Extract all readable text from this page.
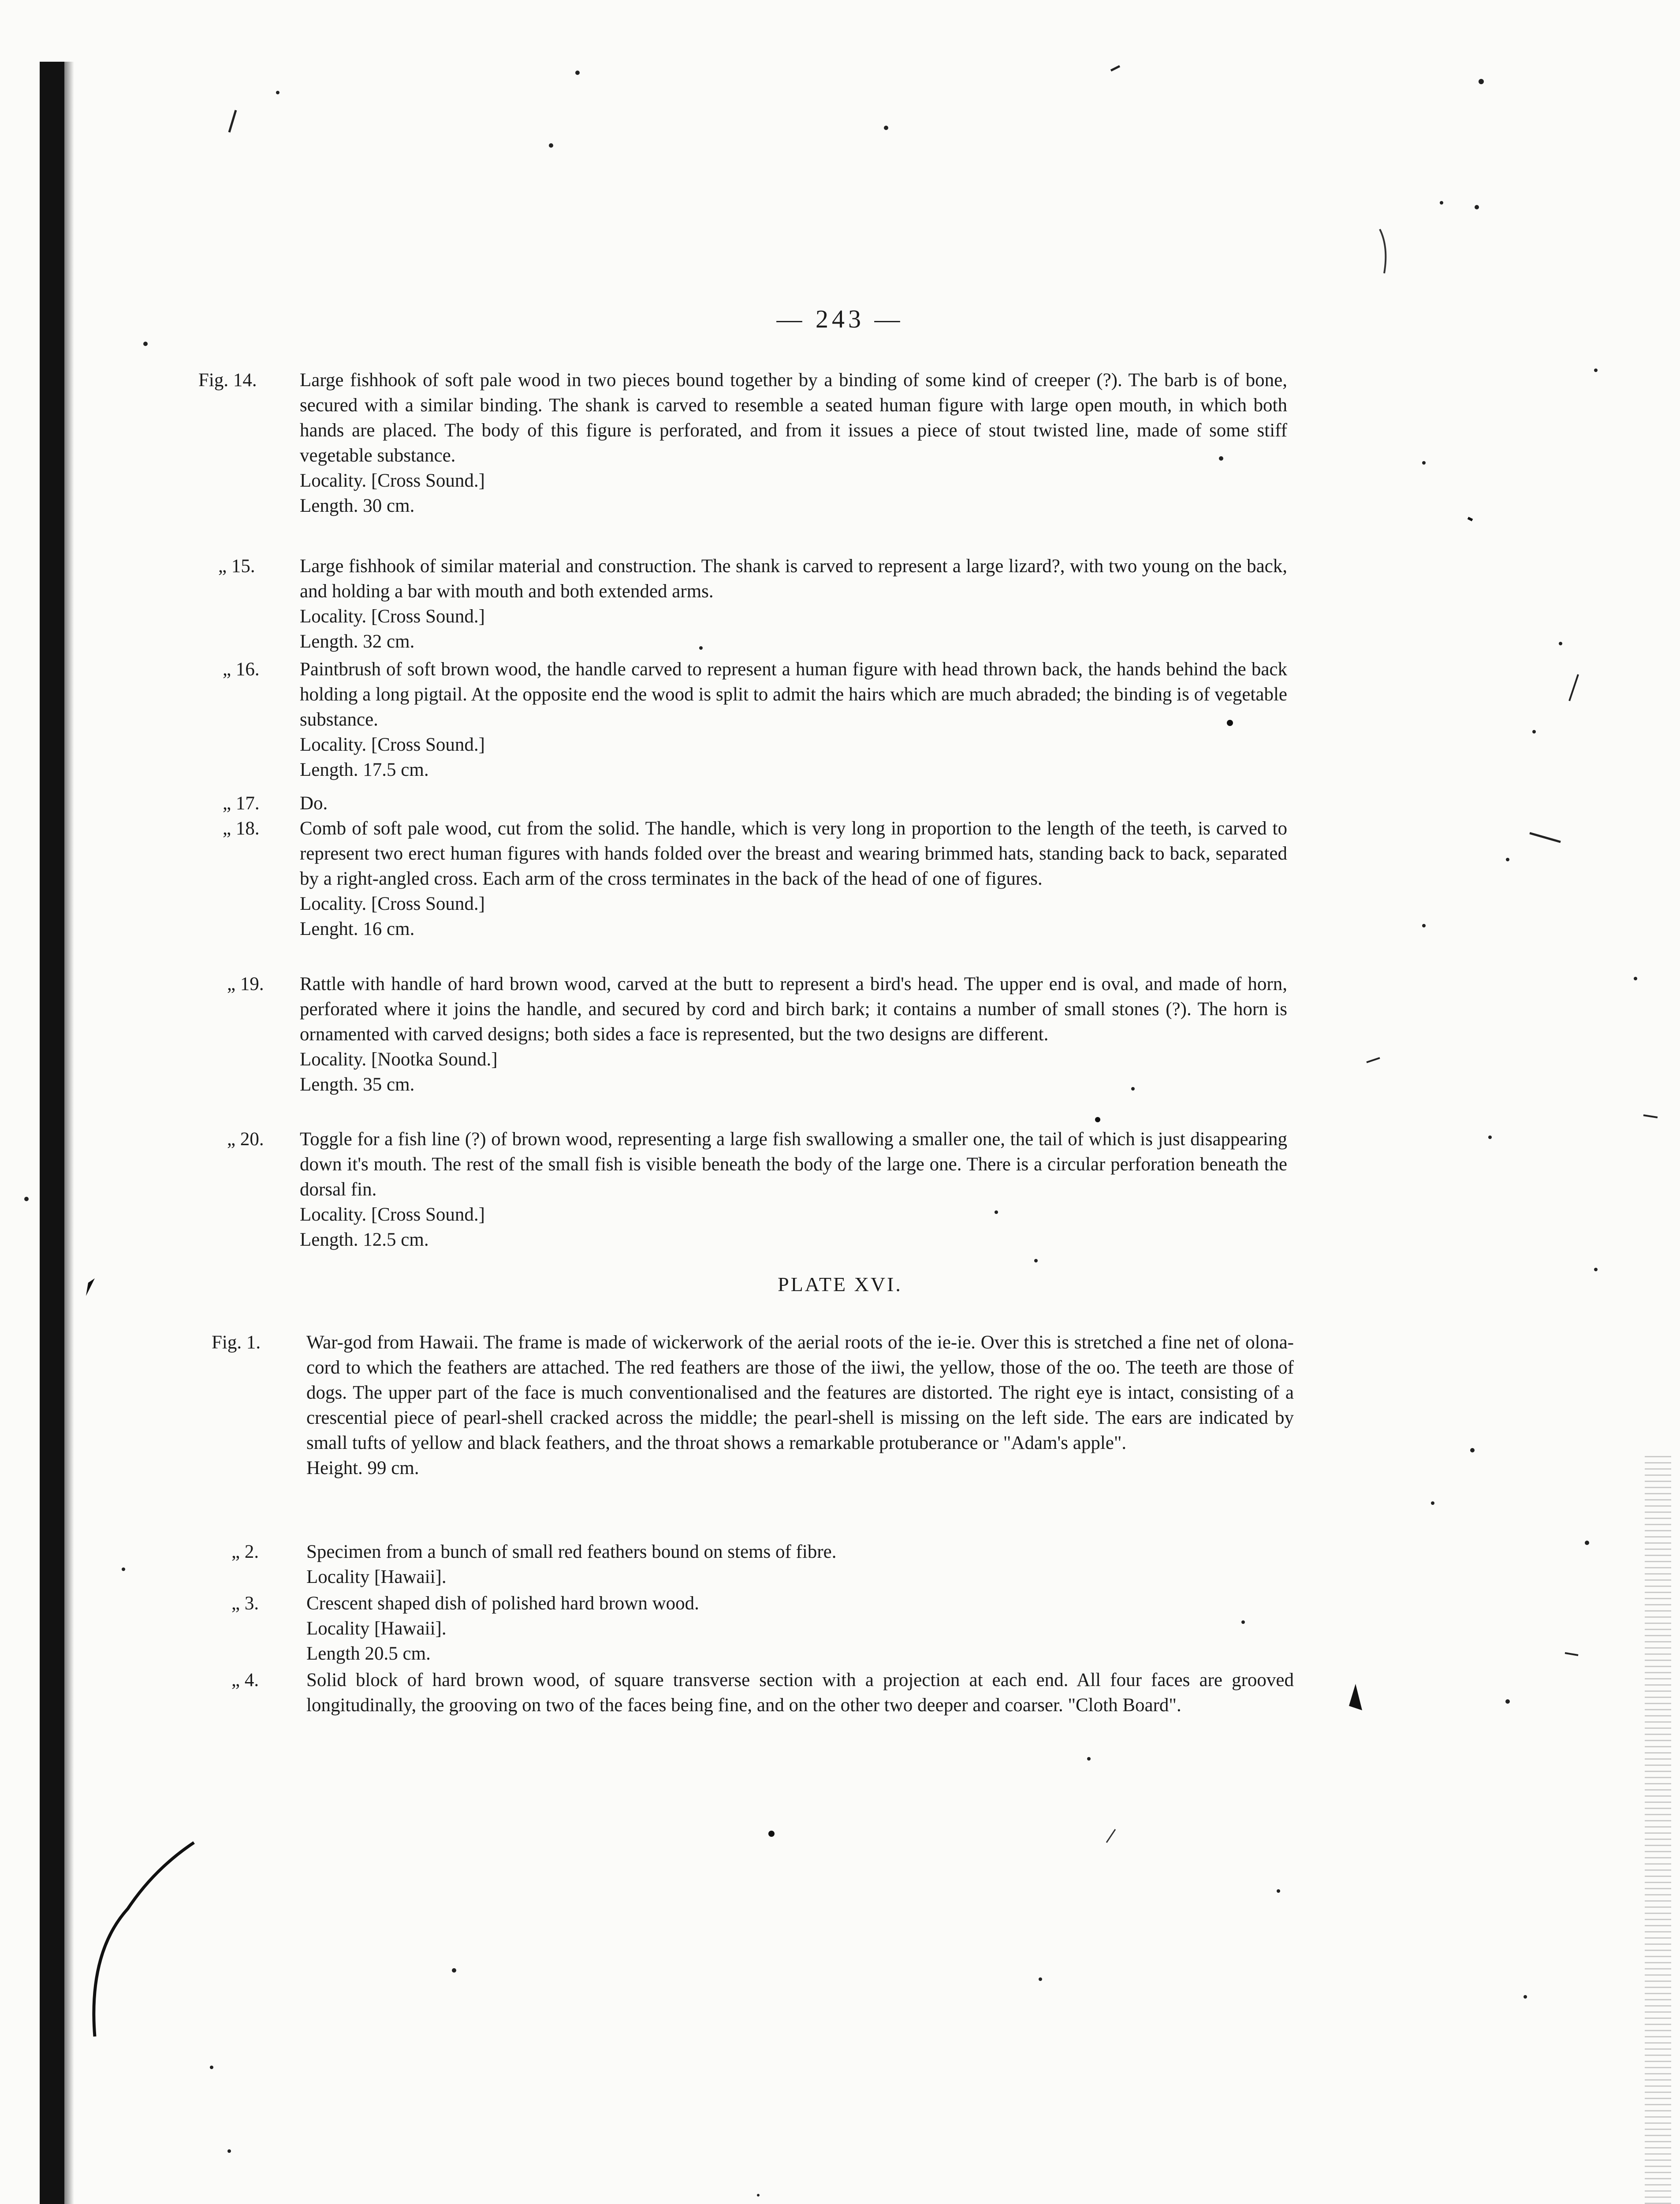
— 243 —
PLATE XVI.
Fig. 14. Large fishhook of soft pale wood in two pieces bound together by a binding of some kind of creeper (?). The barb is of bone, secured with a similar binding. The shank is carved to resemble a seated human figure with large open mouth, in which both hands are placed. The body of this figure is perforated, and from it issues a piece of stout twisted line, made of some stiff vegetable substance.
Locality. [Cross Sound.]
Length. 30 cm.
„ 15. Large fishhook of similar material and construction. The shank is carved to represent a large lizard?, with two young on the back, and holding a bar with mouth and both extended arms.
Locality. [Cross Sound.]
Length. 32 cm.
„ 16. Paintbrush of soft brown wood, the handle carved to represent a human figure with head thrown back, the hands behind the back holding a long pigtail. At the opposite end the wood is split to admit the hairs which are much abraded; the binding is of vegetable substance.
Locality. [Cross Sound.]
Length. 17.5 cm.
„ 17. Do.
„ 18. Comb of soft pale wood, cut from the solid. The handle, which is very long in proportion to the length of the teeth, is carved to represent two erect human figures with hands folded over the breast and wearing brimmed hats, standing back to back, separated by a right-angled cross. Each arm of the cross terminates in the back of the head of one of figures.
Locality. [Cross Sound.]
Lenght. 16 cm.
„ 19. Rattle with handle of hard brown wood, carved at the butt to represent a bird's head. The upper end is oval, and made of horn, perforated where it joins the handle, and secured by cord and birch bark; it contains a number of small stones (?). The horn is ornamented with carved designs; both sides a face is represented, but the two designs are different.
Locality. [Nootka Sound.]
Length. 35 cm.
„ 20. Toggle for a fish line (?) of brown wood, representing a large fish swallowing a smaller one, the tail of which is just disappearing down it's mouth. The rest of the small fish is visible beneath the body of the large one. There is a circular perforation beneath the dorsal fin.
Locality. [Cross Sound.]
Length. 12.5 cm.
Fig. 1. War-god from Hawaii. The frame is made of wickerwork of the aerial roots of the ie-ie. Over this is stretched a fine net of olona-cord to which the feathers are attached. The red feathers are those of the iiwi, the yellow, those of the oo. The teeth are those of dogs. The upper part of the face is much conventionalised and the features are distorted. The right eye is intact, consisting of a crescential piece of pearl-shell cracked across the middle; the pearl-shell is missing on the left side. The ears are indicated by small tufts of yellow and black feathers, and the throat shows a remarkable protuberance or "Adam's apple".
Height. 99 cm.
„ 2.	Specimen from a bunch of small red feathers bound on stems of fibre.
Locality [Hawaii].
„ 3.	Crescent shaped dish of polished hard brown wood.
Locality [Hawaii].
Length 20.5 cm.
„ 4.	Solid block of hard brown wood, of square transverse section with a projection at each end. All four faces are grooved longitudinally, the grooving on two of the faces being fine, and on the other two deeper and coarser. "Cloth Board".
